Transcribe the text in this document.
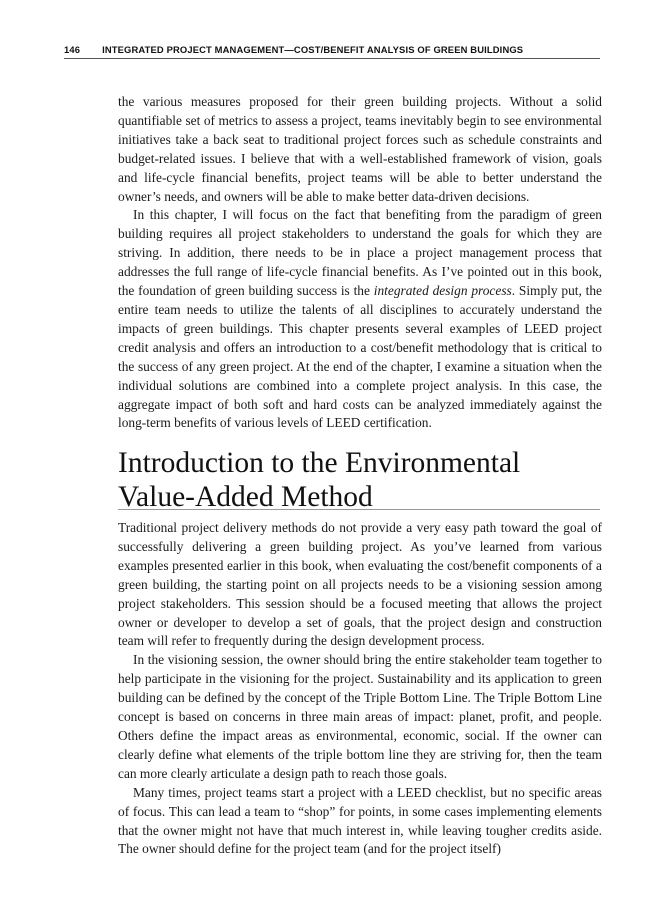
146 INTEGRATED PROJECT MANAGEMENT—COST/BENEFIT ANALYSIS OF GREEN BUILDINGS

the various measures proposed for their green building projects. Without a solid quantifiable set of metrics to assess a project, teams inevitably begin to see environmental initiatives take a back seat to traditional project forces such as schedule constraints and budget-related issues. I believe that with a well-established framework of vision, goals and life-cycle financial benefits, project teams will be able to better understand the owner’s needs, and owners will be able to make better data-driven decisions.

In this chapter, I will focus on the fact that benefiting from the paradigm of green building requires all project stakeholders to understand the goals for which they are striving. In addition, there needs to be in place a project management process that addresses the full range of life-cycle financial benefits. As I’ve pointed out in this book, the foundation of green building success is the integrated design process. Simply put, the entire team needs to utilize the talents of all disciplines to accurately understand the impacts of green buildings. This chapter presents several examples of LEED project credit analysis and offers an introduction to a cost/benefit methodology that is critical to the success of any green project. At the end of the chapter, I examine a situation when the individual solutions are combined into a complete project analysis. In this case, the aggregate impact of both soft and hard costs can be analyzed immediately against the long-term benefits of various levels of LEED certification.

Introduction to the Environmental
Value-Added Method

Traditional project delivery methods do not provide a very easy path toward the goal of successfully delivering a green building project. As you’ve learned from various examples presented earlier in this book, when evaluating the cost/benefit components of a green building, the starting point on all projects needs to be a visioning session among project stakeholders. This session should be a focused meeting that allows the project owner or developer to develop a set of goals, that the project design and construction team will refer to frequently during the design development process.

In the visioning session, the owner should bring the entire stakeholder team together to help participate in the visioning for the project. Sustainability and its application to green building can be defined by the concept of the Triple Bottom Line. The Triple Bottom Line concept is based on concerns in three main areas of impact: planet, profit, and people. Others define the impact areas as environmental, economic, social. If the owner can clearly define what elements of the triple bottom line they are striving for, then the team can more clearly articulate a design path to reach those goals.

Many times, project teams start a project with a LEED checklist, but no specific areas of focus. This can lead a team to “shop” for points, in some cases implementing elements that the owner might not have that much interest in, while leaving tougher credits aside. The owner should define for the project team (and for the project itself)
